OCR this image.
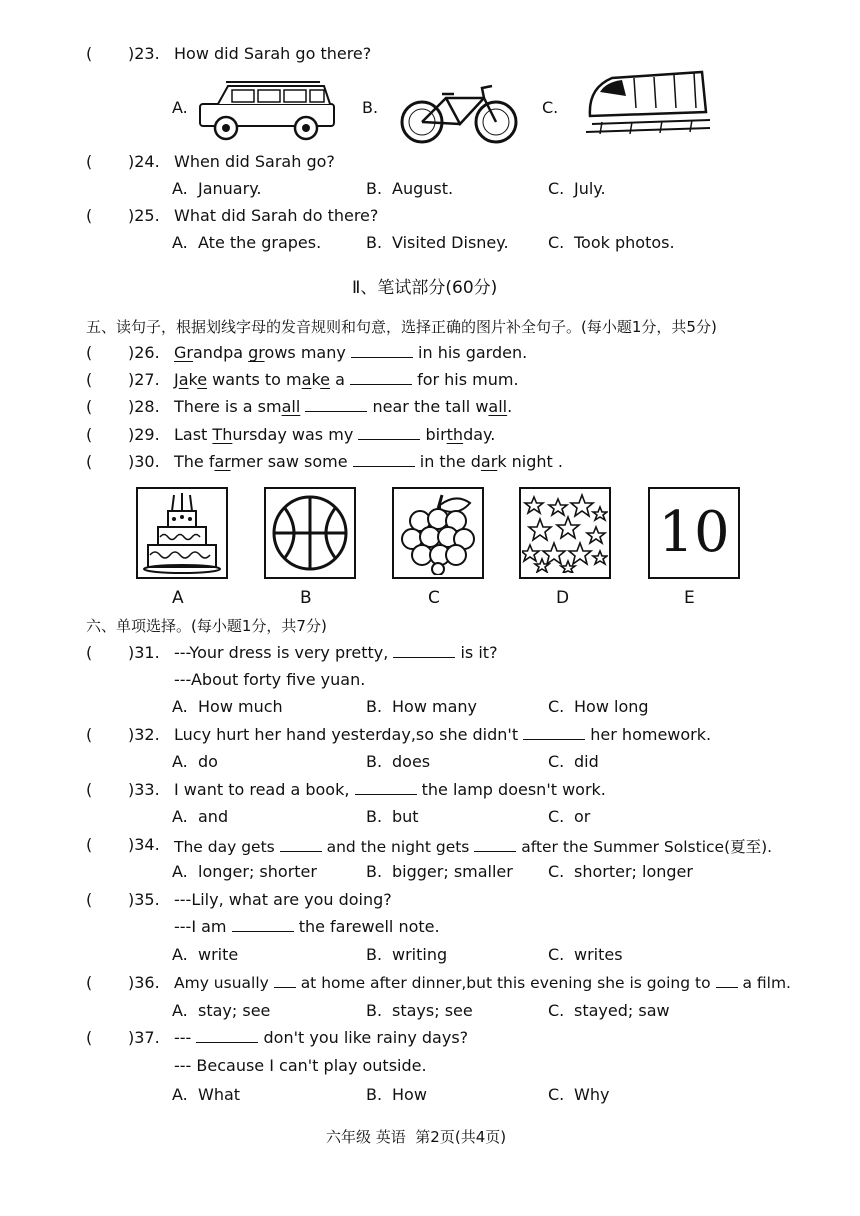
( )23. How did Sarah go there?
A.	B.	C.
( )24. When did Sarah go?
A. January.	B. August.	C. July.
( )25. What did Sarah do there?
A. Ate the grapes.	B. Visited Disney. C. Took photos.
Ⅱ、笔试部分(60分)
五、读句子，根据划线字母的发音规则和句意，选择正确的图片补全句子。(每小题1分，共5分)
( )26. Grandpa grows many	in his garden.
( )27. Jake wants to make a	for his mum.
( )28. There is a small	near the tall wall.
( )29. Last Thursday was my	birthday.
( )30. The farmer saw some	in the dark night .
10
A	B	C	D	E
六、单项选择。(每小题1分，共7分)
( )31. ---Your dress is very pretty,	is it?
---About forty five yuan.
A. How much	B. How many	C. How long
( )32. Lucy hurt her hand yesterday,so she didn't	her homework.
A. do	B. does	C. did
( )33. I want to read a book,	the lamp doesn't work.
A. and	B. but	C. or
( )34. The day gets	and the night gets	after the Summer Solstice(夏至).
A. longer; shorter	B. bigger; smaller C. shorter; longer
( )35. ---Lily, what are you doing?
---I am	the farewell note.
A. write	B. writing	C. writes
( )36. Amy usually at home after dinner,but this evening she is going to a film.
A. stay; see	B. stays; see	C. stayed; saw
( )37. ---	don't you like rainy days?
--- Because I can't play outside.
A. What	B. How	C. Why
六年级 英语  第2页(共4页)
